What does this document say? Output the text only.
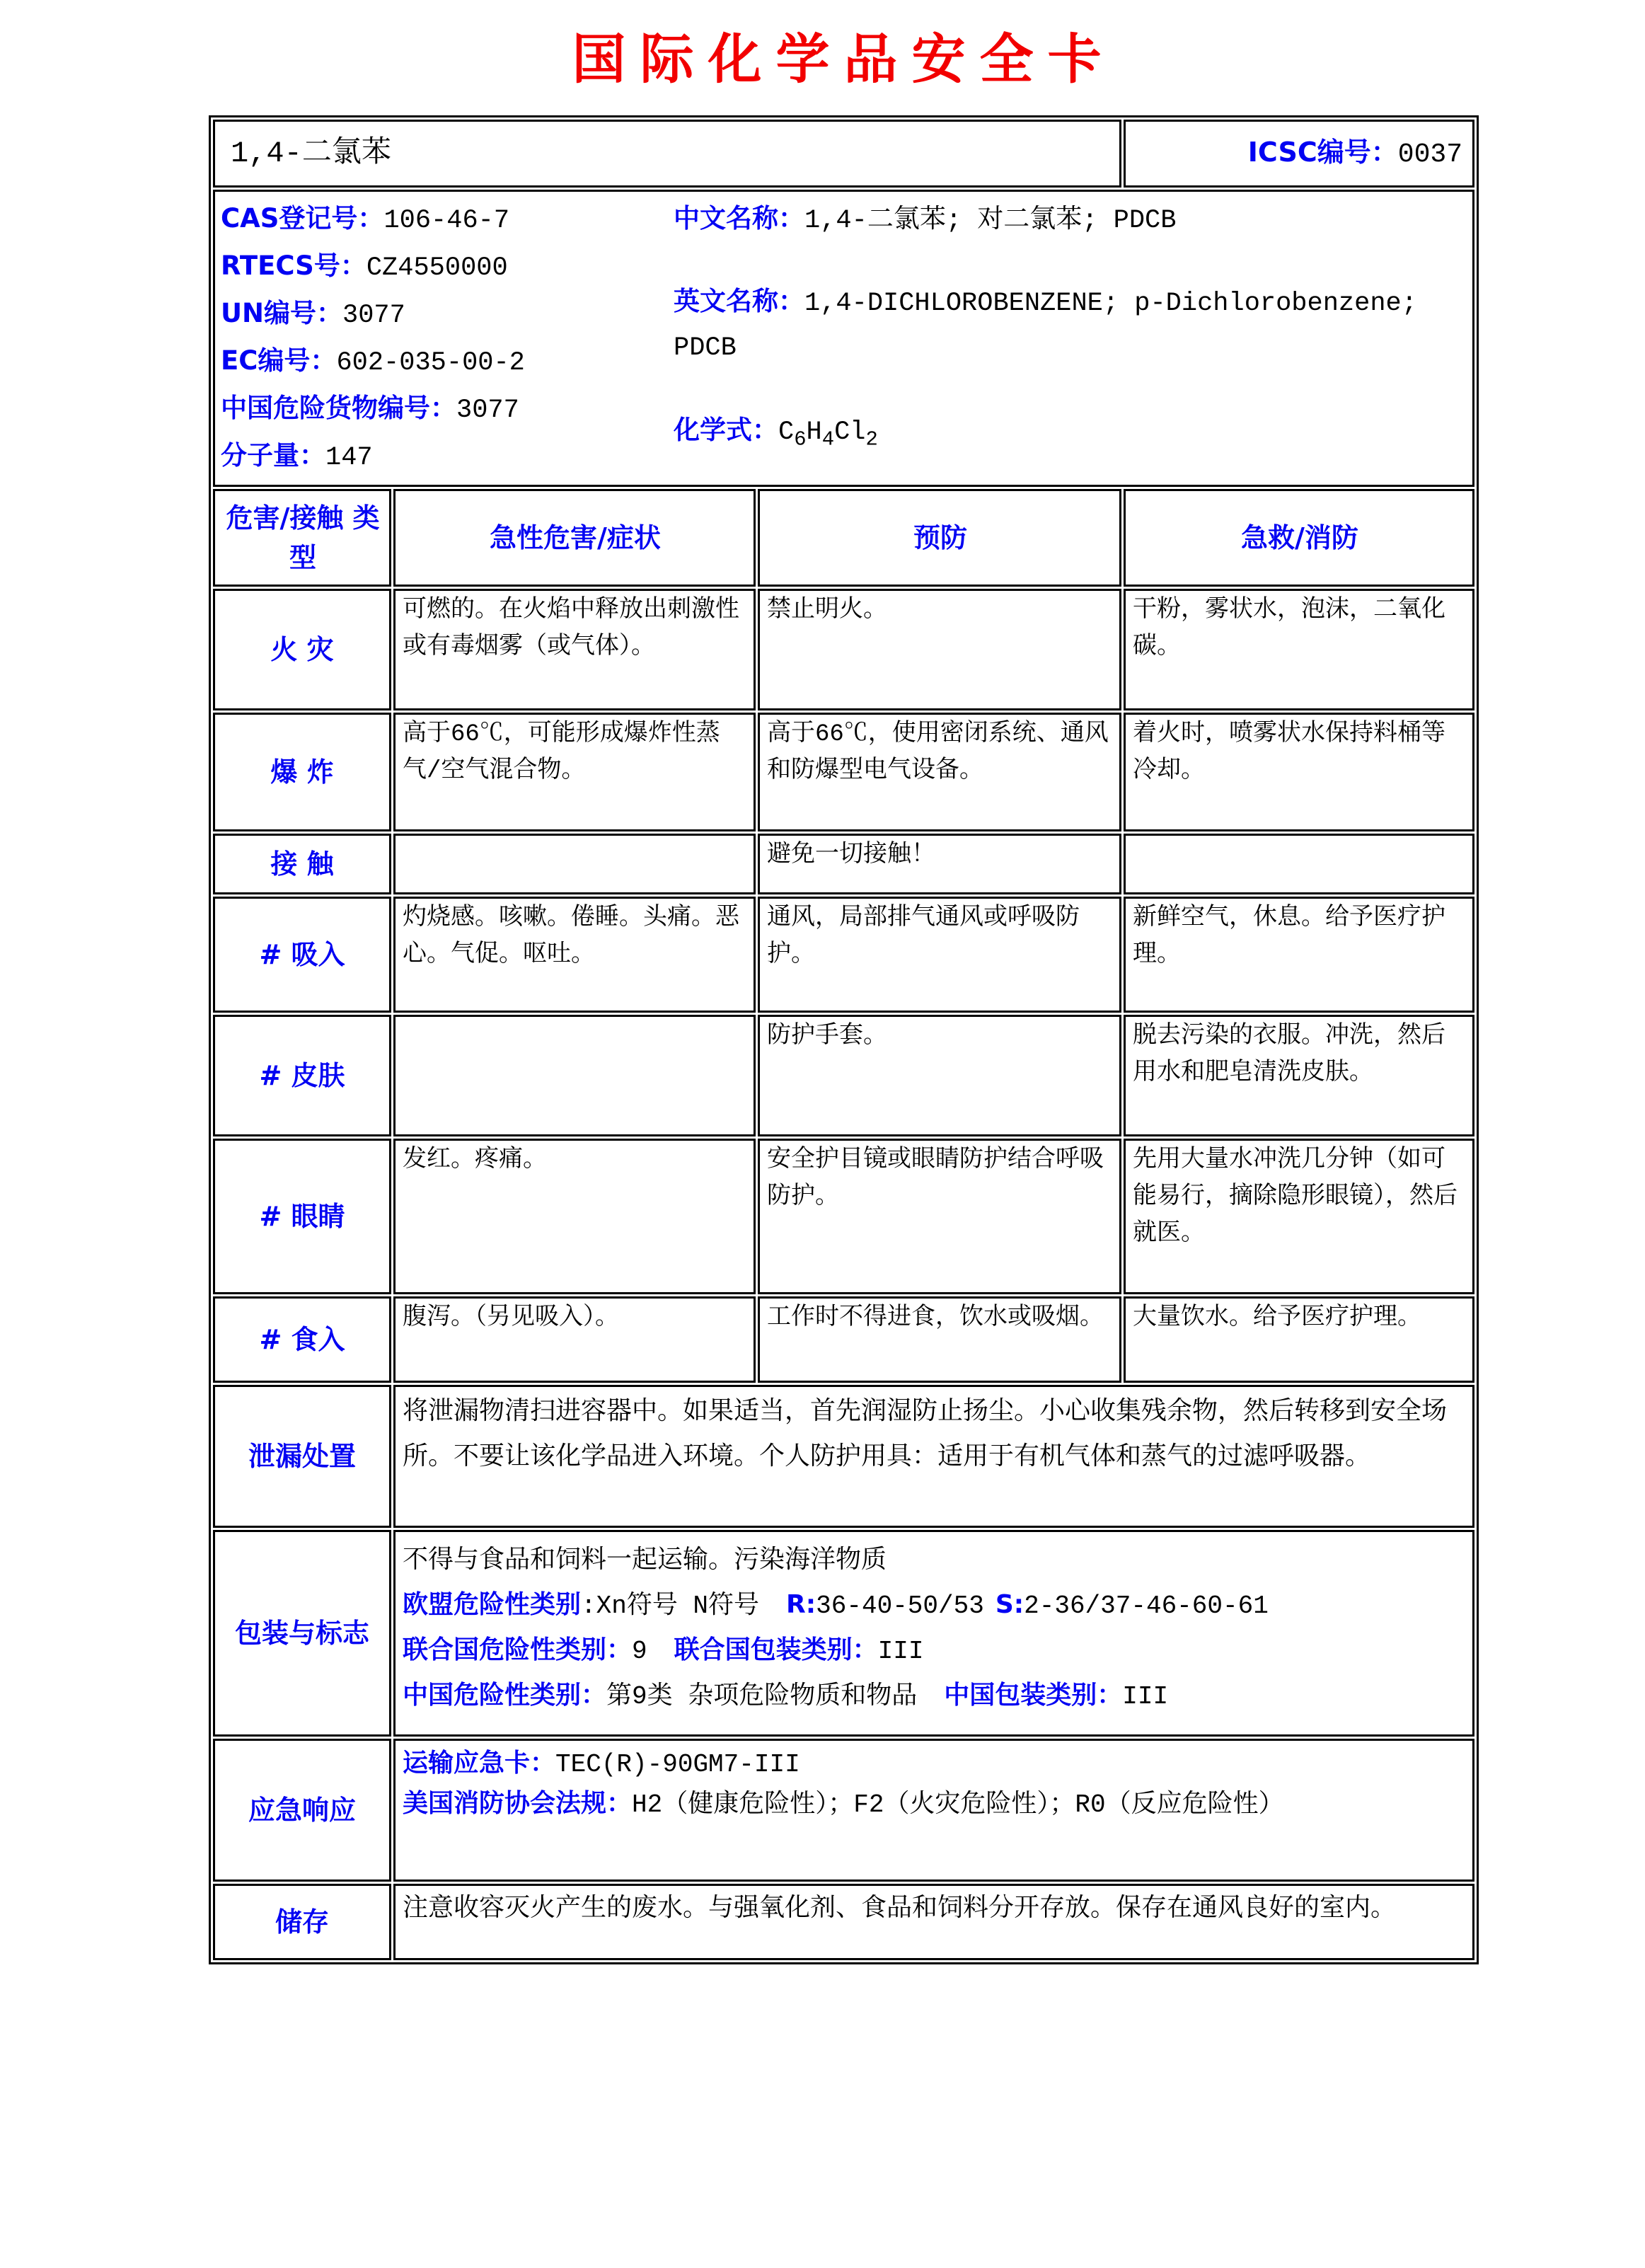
国际化学品安全卡
1,4-二氯苯			ICSC编号：0037

CAS登记号：106-46-7
RTECS号：CZ4550000
UN编号：3077
EC编号：602-035-00-2
中国危险货物编号：3077
分子量：147
中文名称：1,4-二氯苯; 对二氯苯; PDCB
英文名称：1,4-DICHLOROBENZENE; p-Dichlorobenzene; PDCB
化学式：$C_6H_4Cl_2$

危害/接触 类型	急性危害/症状	预防	急救/消防
火 灾	可燃的。在火焰中释放出刺激性或有毒烟雾（或气体）。	禁止明火。	干粉，雾状水，泡沫，二氧化碳。
爆 炸	高于66℃，可能形成爆炸性蒸气/空气混合物。	高于66℃，使用密闭系统、通风和防爆型电气设备。	着火时，喷雾状水保持料桶等冷却。
接 触		避免一切接触！	
# 吸入	灼烧感。咳嗽。倦睡。头痛。恶心。气促。呕吐。	通风，局部排气通风或呼吸防护。	新鲜空气，休息。给予医疗护理。
# 皮肤		防护手套。	脱去污染的衣服。冲洗，然后用水和肥皂清洗皮肤。
# 眼睛	发红。疼痛。	安全护目镜或眼睛防护结合呼吸防护。	先用大量水冲洗几分钟（如可能易行，摘除隐形眼镜），然后就医。
# 食入	腹泻。（另见吸入）。	工作时不得进食，饮水或吸烟。	大量饮水。给予医疗护理。
泄漏处置	将泄漏物清扫进容器中。如果适当，首先润湿防止扬尘。小心收集残余物，然后转移到安全场所。不要让该化学品进入环境。个人防护用具：适用于有机气体和蒸气的过滤呼吸器。		
包装与标志	不得与食品和饲料一起运输。污染海洋物质
欧盟危险性类别:Xn符号 N符号 R:36-40-50/53 S:2-36/37-46-60-61
联合国危险性类别：9 联合国包装类别：III
中国危险性类别：第9类 杂项危险物质和物品 中国包装类别：III		

应急响应	运输应急卡：TEC(R)-90GM7-III
美国消防协会法规：H2（健康危险性）；F2（火灾危险性）；R0（反应危险性）		

储存	注意收容灭火产生的废水。与强氧化剂、食品和饲料分开存放。保存在通风良好的室内。		
